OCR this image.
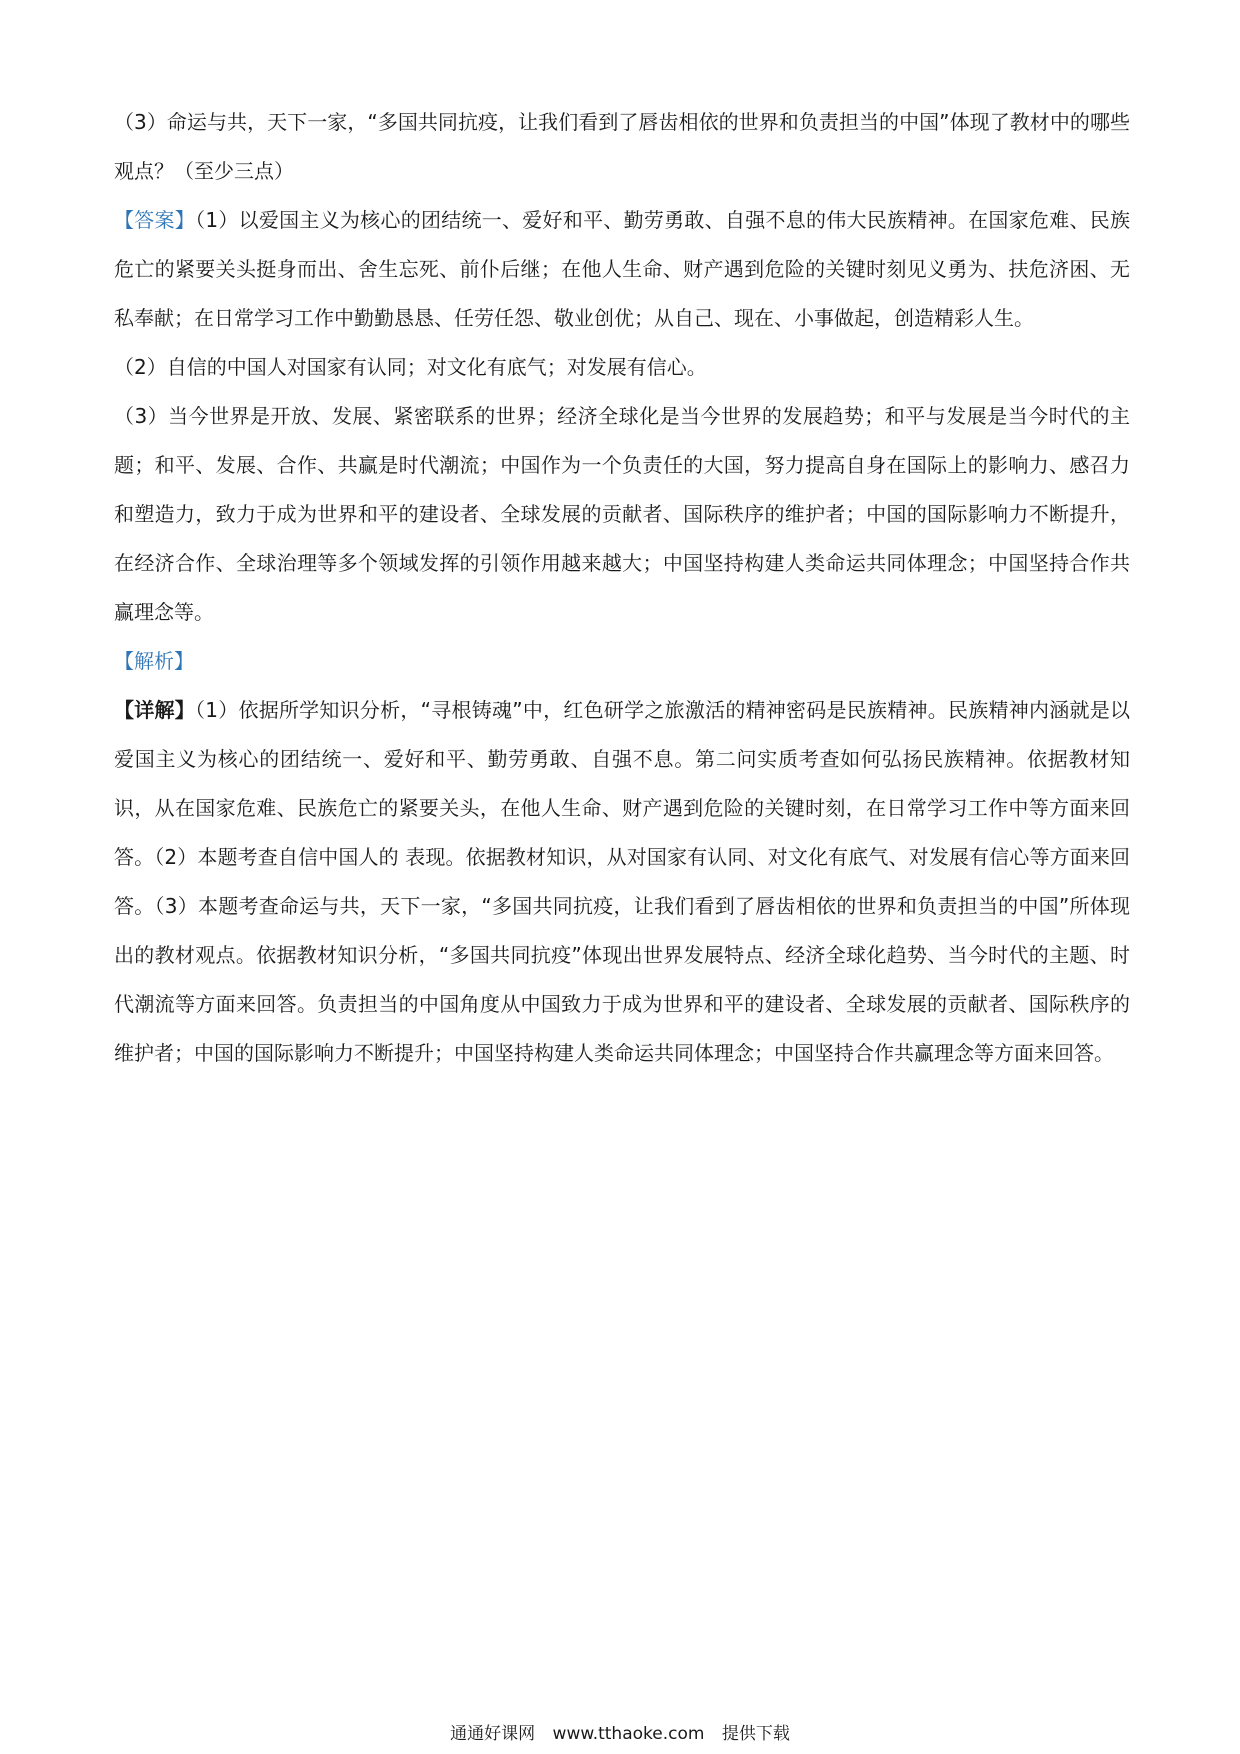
（3）命运与共，天下一家，“多国共同抗疫，让我们看到了唇齿相依的世界和负责担当的中国”体现了教材中的哪些观点？（至少三点）

【答案】（1）以爱国主义为核心的团结统一、爱好和平、勤劳勇敢、自强不息的伟大民族精神。在国家危难、民族危亡的紧要关头挺身而出、舍生忘死、前仆后继；在他人生命、财产遇到危险的关键时刻见义勇为、扶危济困、无私奉献；在日常学习工作中勤勤恳恳、任劳任怨、敬业创优；从自己、现在、小事做起，创造精彩人生。

（2）自信的中国人对国家有认同；对文化有底气；对发展有信心。

（3）当今世界是开放、发展、紧密联系的世界；经济全球化是当今世界的发展趋势；和平与发展是当今时代的主题；和平、发展、合作、共赢是时代潮流；中国作为一个负责任的大国，努力提高自身在国际上的影响力、感召力和塑造力，致力于成为世界和平的建设者、全球发展的贡献者、国际秩序的维护者；中国的国际影响力不断提升，在经济合作、全球治理等多个领域发挥的引领作用越来越大；中国坚持构建人类命运共同体理念；中国坚持合作共赢理念等。

【解析】

【详解】（1）依据所学知识分析，“寻根铸魂”中，红色研学之旅激活的精神密码是民族精神。民族精神内涵就是以爱国主义为核心的团结统一、爱好和平、勤劳勇敢、自强不息。第二问实质考查如何弘扬民族精神。依据教材知识，从在国家危难、民族危亡的紧要关头，在他人生命、财产遇到危险的关键时刻，在日常学习工作中等方面来回答。（2）本题考查自信中国人的 表现。依据教材知识，从对国家有认同、对文化有底气、对发展有信心等方面来回答。（3）本题考查命运与共，天下一家，“多国共同抗疫，让我们看到了唇齿相依的世界和负责担当的中国”所体现出的教材观点。依据教材知识分析，“多国共同抗疫”体现出世界发展特点、经济全球化趋势、当今时代的主题、时代潮流等方面来回答。负责担当的中国角度从中国致力于成为世界和平的建设者、全球发展的贡献者、国际秩序的维护者；中国的国际影响力不断提升；中国坚持构建人类命运共同体理念；中国坚持合作共赢理念等方面来回答。

通通好课网 www.tthaoke.com 提供下载
